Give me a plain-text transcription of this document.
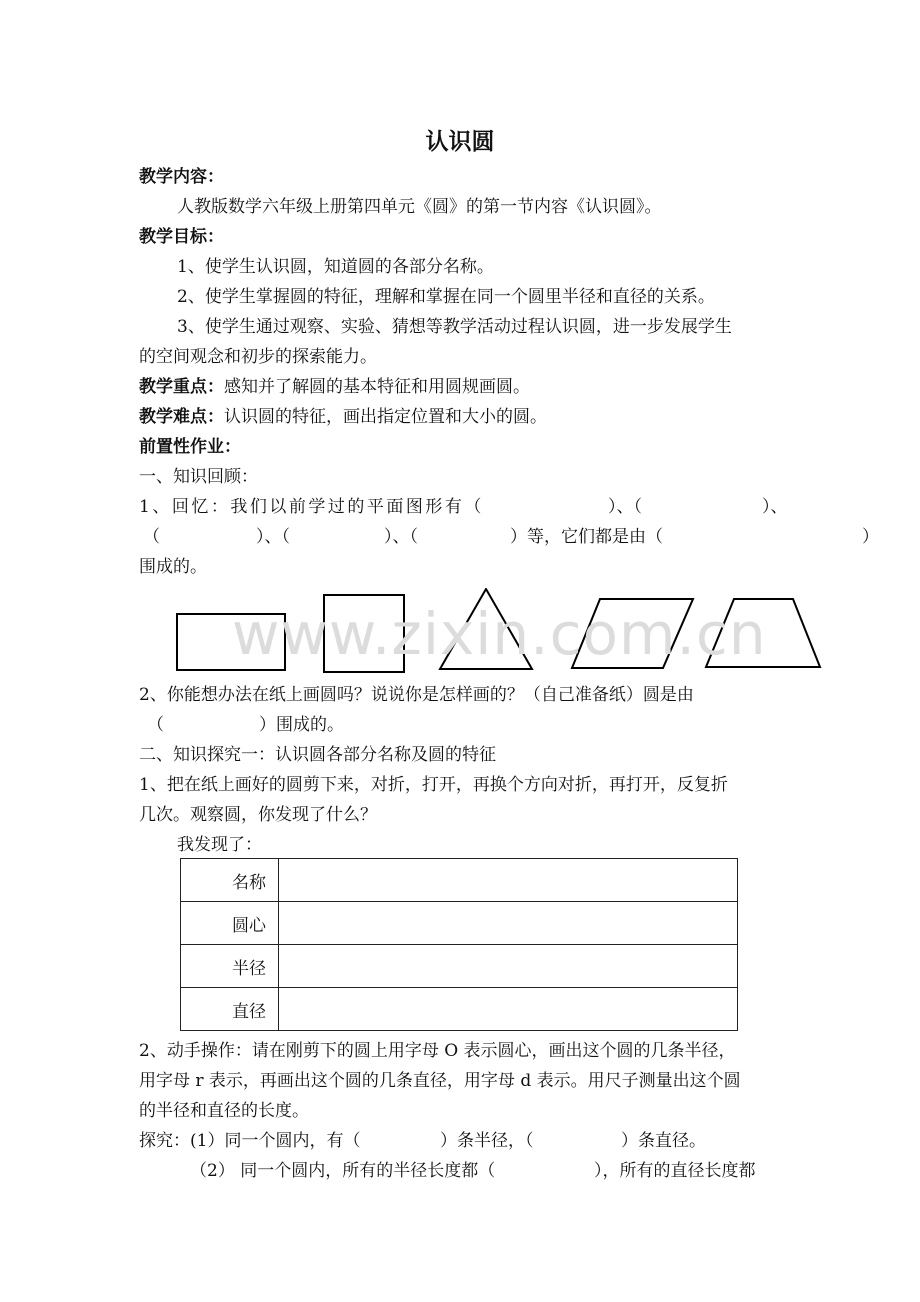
认识圆
教学内容：
人教版数学六年级上册第四单元《圆》的第一节内容《认识圆》。
教学目标：
1、使学生认识圆，知道圆的各部分名称。
2、使学生掌握圆的特征，理解和掌握在同一个圆里半径和直径的关系。
3、使学生通过观察、实验、猜想等教学活动过程认识圆，进一步发展学生
的空间观念和初步的探索能力。
教学重点：感知并了解圆的基本特征和用圆规画圆。
教学难点：认识圆的特征，画出指定位置和大小的圆。
前置性作业：
一、知识回顾：
1、回忆：我们以前学过的平面图形有（	）、（	）、
（	）、（	）、（	）等，它们都是由（	）
围成的。
www.zixin.com.cn
2、你能想办法在纸上画圆吗？说说你是怎样画的？（自己准备纸）圆是由
（	）围成的。
二、知识探究一：认识圆各部分名称及圆的特征
1、把在纸上画好的圆剪下来，对折，打开，再换个方向对折，再打开，反复折
几次。观察圆，你发现了什么？
我发现了：
名称	
圆心	
半径	
直径	
2、动手操作：请在刚剪下的圆上用字母 O 表示圆心，画出这个圆的几条半径，
用字母 r 表示，再画出这个圆的几条直径，用字母 d 表示。用尺子测量出这个圆
的半径和直径的长度。
探究：(1）同一个圆内，有（	）条半径，（	）条直径。
（2） 同一个圆内，所有的半径长度都（	），所有的直径长度都
